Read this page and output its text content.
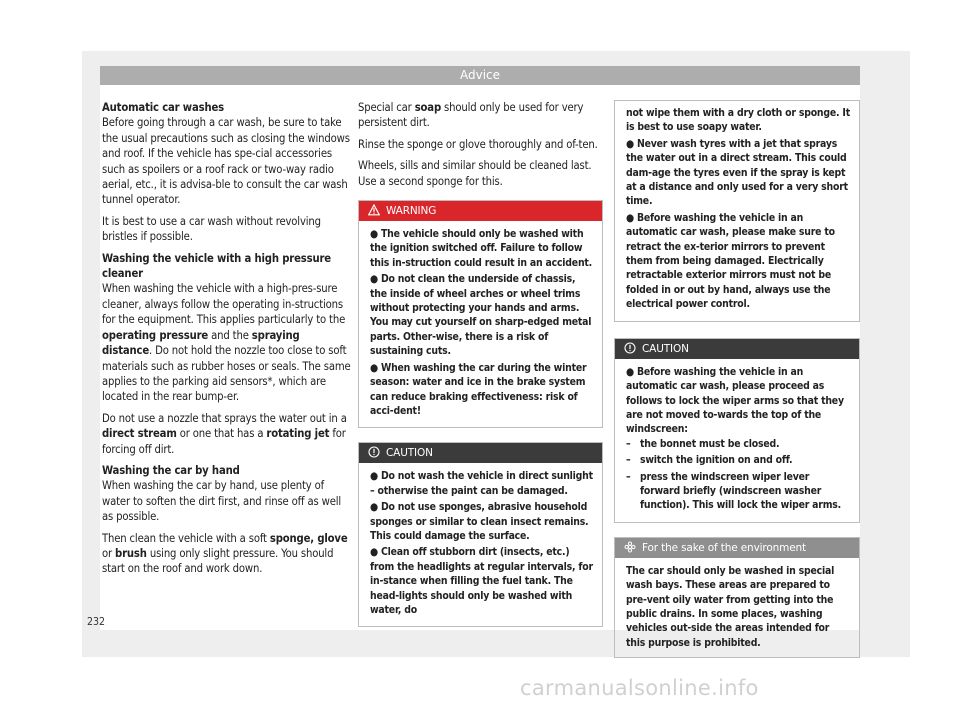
Advice

Automatic car washes
Before going through a car wash, be sure to take the usual precautions such as closing the windows and roof. If the vehicle has spe-cial accessories such as spoilers or a roof rack or two-way radio aerial, etc., it is advisa-ble to consult the car wash tunnel operator.

It is best to use a car wash without revolving bristles if possible.

Washing the vehicle with a high pressure cleaner
When washing the vehicle with a high-pres-sure cleaner, always follow the operating in-structions for the equipment. This applies particularly to the operating pressure and the spraying distance. Do not hold the nozzle too close to soft materials such as rubber hoses or seals. The same applies to the parking aid sensors*, which are located in the rear bump-er.

Do not use a nozzle that sprays the water out in a direct stream or one that has a rotating jet for forcing off dirt.

Washing the car by hand
When washing the car by hand, use plenty of water to soften the dirt first, and rinse off as well as possible.

Then clean the vehicle with a soft sponge, glove or brush using only slight pressure. You should start on the roof and work down.

Special car soap should only be used for very persistent dirt.

Rinse the sponge or glove thoroughly and of-ten.

Wheels, sills and similar should be cleaned last. Use a second sponge for this.

WARNING
● The vehicle should only be washed with the ignition switched off. Failure to follow this in-struction could result in an accident.
● Do not clean the underside of chassis, the inside of wheel arches or wheel trims without protecting your hands and arms. You may cut yourself on sharp-edged metal parts. Other-wise, there is a risk of sustaining cuts.
● When washing the car during the winter season: water and ice in the brake system can reduce braking effectiveness: risk of acci-dent!
CAUTION
● Do not wash the vehicle in direct sunlight – otherwise the paint can be damaged.
● Do not use sponges, abrasive household sponges or similar to clean insect remains. This could damage the surface.
● Clean off stubborn dirt (insects, etc.) from the headlights at regular intervals, for in-stance when filling the fuel tank. The head-lights should only be washed with water, do

not wipe them with a dry cloth or sponge. It is best to use soapy water.

● Never wash tyres with a jet that sprays the water out in a direct stream. This could dam-age the tyres even if the spray is kept at a distance and only used for a very short time.
● Before washing the vehicle in an automatic car wash, please make sure to retract the ex-terior mirrors to prevent them from being damaged. Electrically retractable exterior mirrors must not be folded in or out by hand, always use the electrical power control.
CAUTION
● Before washing the vehicle in an automatic car wash, please proceed as follows to lock the wiper arms so that they are not moved to-wards the top of the windscreen:
– the bonnet must be closed.
– switch the ignition on and off.
– press the windscreen wiper lever forward briefly (windscreen washer function). This will lock the wiper arms.
For the sake of the environment

The car should only be washed in special wash bays. These areas are prepared to pre-vent oily water from getting into the public drains. In some places, washing vehicles out-side the areas intended for this purpose is prohibited.

232
carmanualsonline.info
